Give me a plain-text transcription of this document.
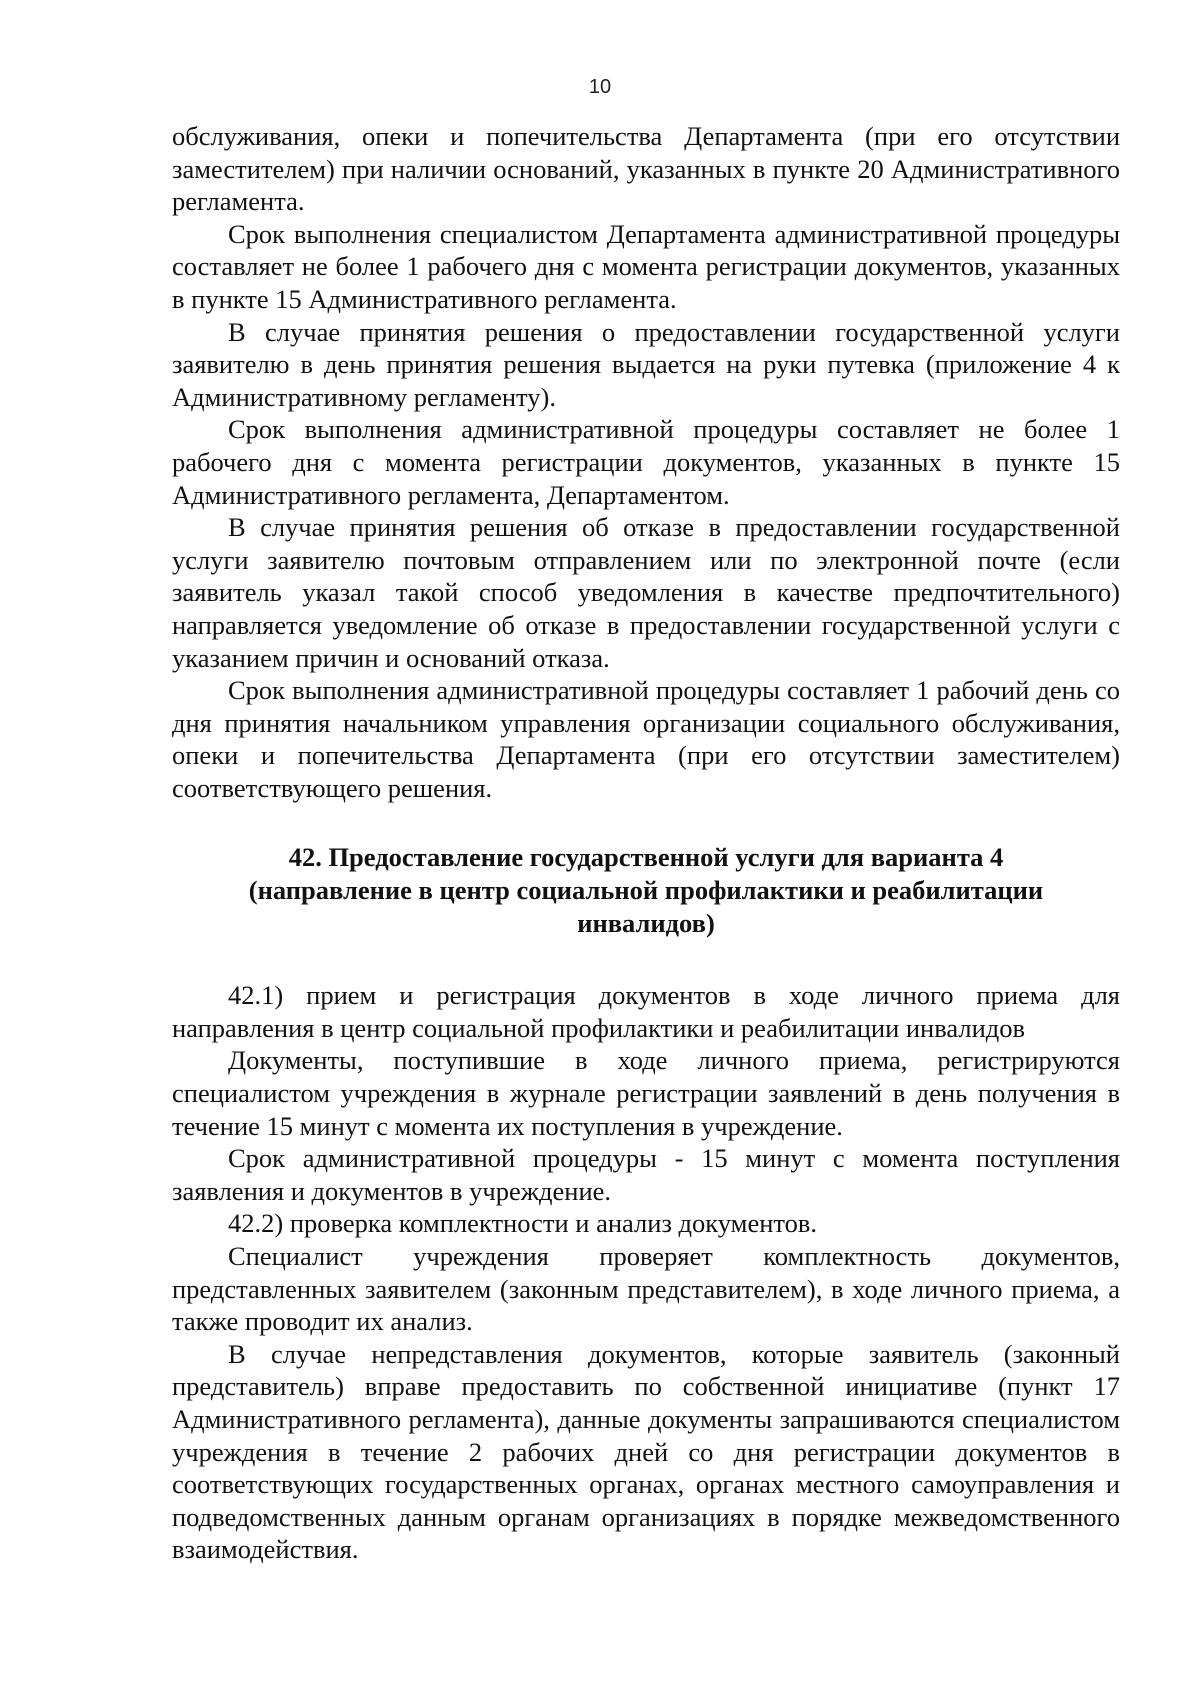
10

обслуживания, опеки и попечительства Департамента (при его отсутствии заместителем) при наличии оснований, указанных в пункте 20 Административного регламента.

Срок выполнения специалистом Департамента административной процедуры составляет не более 1 рабочего дня с момента регистрации документов, указанных в пункте 15 Административного регламента.

В случае принятия решения о предоставлении государственной услуги заявителю в день принятия решения выдается на руки путевка (приложение 4 к Административному регламенту).

Срок выполнения административной процедуры составляет не более 1 рабочего дня с момента регистрации документов, указанных в пункте 15 Административного регламента, Департаментом.

В случае принятия решения об отказе в предоставлении государственной услуги заявителю почтовым отправлением или по электронной почте (если заявитель указал такой способ уведомления в качестве предпочтительного) направляется уведомление об отказе в предоставлении государственной услуги с указанием причин и оснований отказа.

Срок выполнения административной процедуры составляет 1 рабочий день со дня принятия начальником управления организации социального обслуживания, опеки и попечительства Департамента (при его отсутствии заместителем) соответствующего решения.

42. Предоставление государственной услуги для варианта 4 (направление в центр социальной профилактики и реабилитации инвалидов)

42.1) прием и регистрация документов в ходе личного приема для направления в центр социальной профилактики и реабилитации инвалидов

Документы, поступившие в ходе личного приема, регистрируются специалистом учреждения в журнале регистрации заявлений в день получения в течение 15 минут с момента их поступления в учреждение.

Срок административной процедуры - 15 минут с момента поступления заявления и документов в учреждение.

42.2) проверка комплектности и анализ документов.

Специалист учреждения проверяет комплектность документов, представленных заявителем (законным представителем), в ходе личного приема, а также проводит их анализ.

В случае непредставления документов, которые заявитель (законный представитель) вправе предоставить по собственной инициативе (пункт 17 Административного регламента), данные документы запрашиваются специалистом учреждения в течение 2 рабочих дней со дня регистрации документов в соответствующих государственных органах, органах местного самоуправления и подведомственных данным органам организациях в порядке межведомственного взаимодействия.
